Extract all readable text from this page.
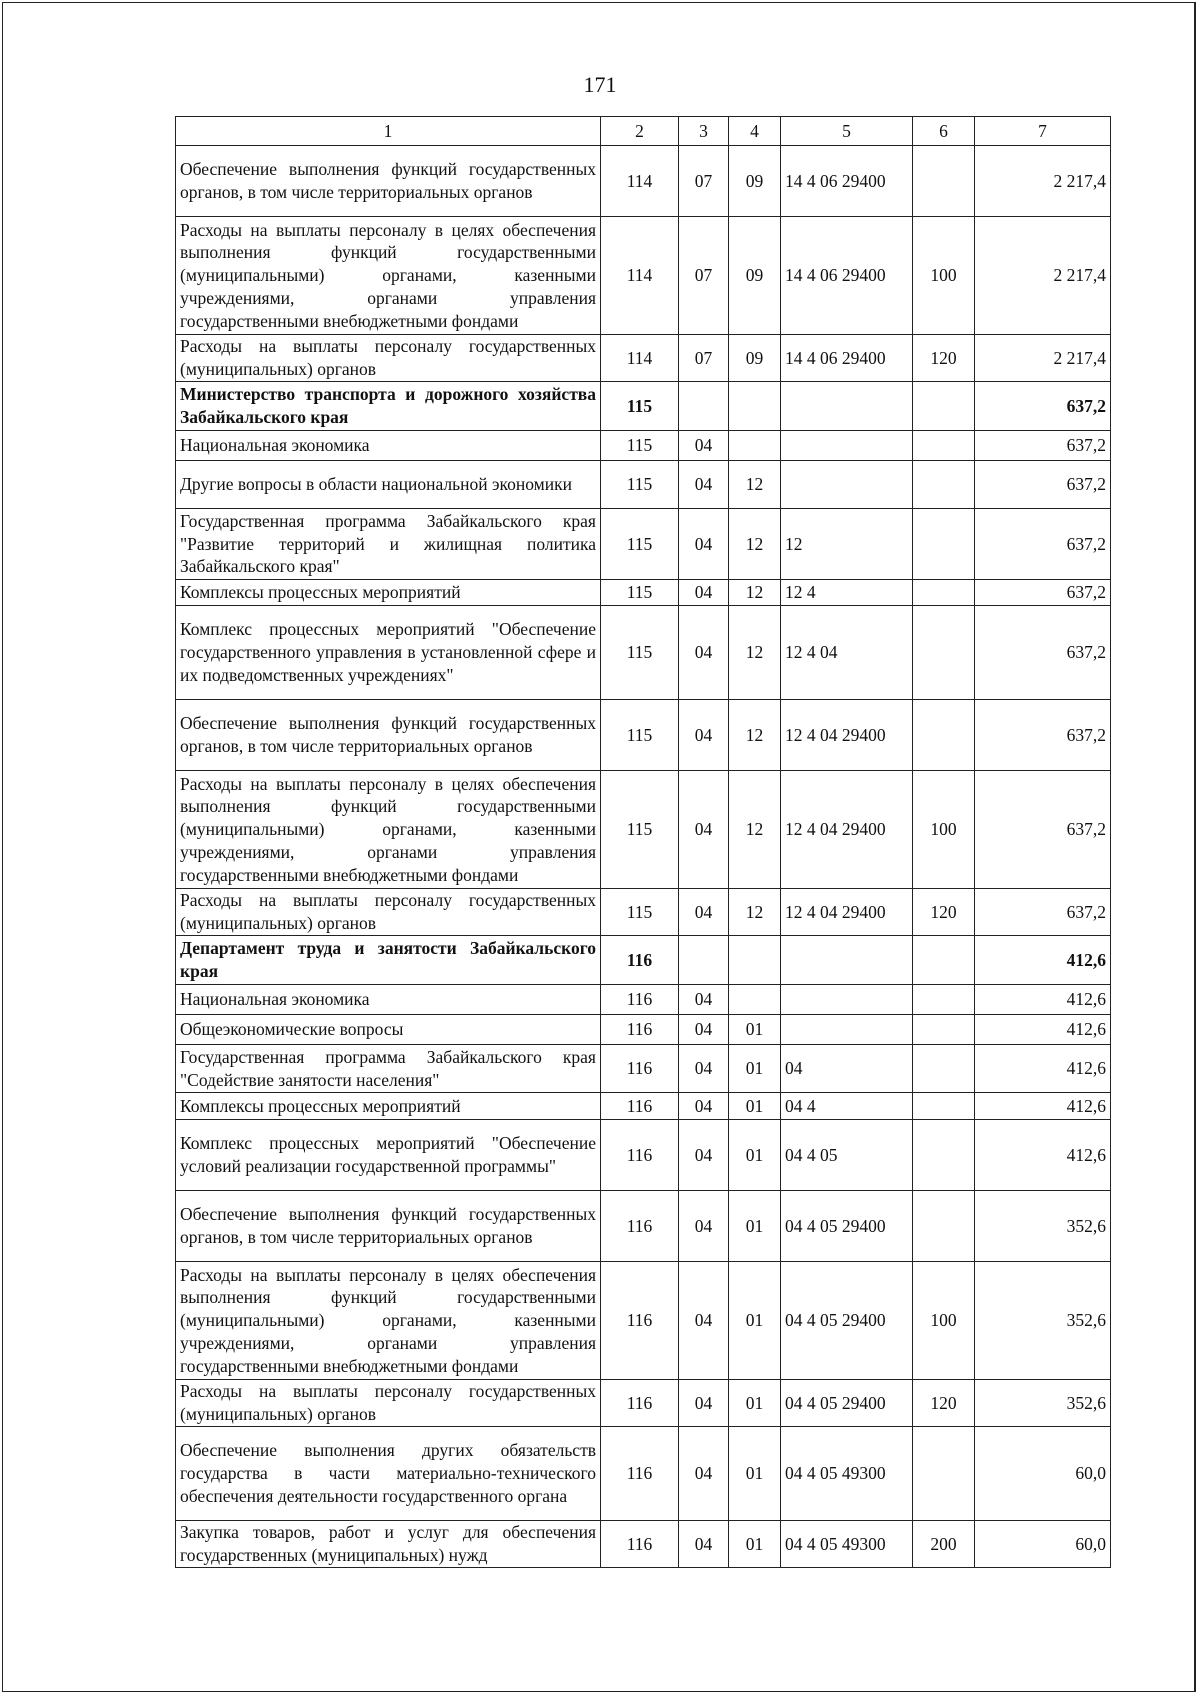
171
1	2	3	4	5	6	7
Обеспечение выполнения функций государственных органов, в том числе территориальных органов	114	07	09	14 4 06 29400		2 217,4
Расходы на выплаты персоналу в целях обеспечения выполнения функций государственными (муниципальными) органами, казенными учреждениями, органами управления государственными внебюджетными фондами	114	07	09	14 4 06 29400	100	2 217,4
Расходы на выплаты персоналу государственных (муниципальных) органов	114	07	09	14 4 06 29400	120	2 217,4
Министерство транспорта и дорожного хозяйства Забайкальского края	115					637,2
Национальная экономика	115	04				637,2
Другие вопросы в области национальной экономики	115	04	12			637,2
Государственная программа Забайкальского края "Развитие территорий и жилищная политика Забайкальского края"	115	04	12	12		637,2
Комплексы процессных мероприятий	115	04	12	12 4		637,2
Комплекс процессных мероприятий "Обеспечение государственного управления в установленной сфере и их подведомственных учреждениях"	115	04	12	12 4 04		637,2
Обеспечение выполнения функций государственных органов, в том числе территориальных органов	115	04	12	12 4 04 29400		637,2
Расходы на выплаты персоналу в целях обеспечения выполнения функций государственными (муниципальными) органами, казенными учреждениями, органами управления государственными внебюджетными фондами	115	04	12	12 4 04 29400	100	637,2
Расходы на выплаты персоналу государственных (муниципальных) органов	115	04	12	12 4 04 29400	120	637,2
Департамент труда и занятости Забайкальского края	116					412,6
Национальная экономика	116	04				412,6
Общеэкономические вопросы	116	04	01			412,6
Государственная программа Забайкальского края "Содействие занятости населения"	116	04	01	04		412,6
Комплексы процессных мероприятий	116	04	01	04 4		412,6
Комплекс процессных мероприятий "Обеспечение условий реализации государственной программы"	116	04	01	04 4 05		412,6
Обеспечение выполнения функций государственных органов, в том числе территориальных органов	116	04	01	04 4 05 29400		352,6
Расходы на выплаты персоналу в целях обеспечения выполнения функций государственными (муниципальными) органами, казенными учреждениями, органами управления государственными внебюджетными фондами	116	04	01	04 4 05 29400	100	352,6
Расходы на выплаты персоналу государственных (муниципальных) органов	116	04	01	04 4 05 29400	120	352,6
Обеспечение выполнения других обязательств государства в части материально-технического обеспечения деятельности государственного органа	116	04	01	04 4 05 49300		60,0
Закупка товаров, работ и услуг для обеспечения государственных (муниципальных) нужд	116	04	01	04 4 05 49300	200	60,0
